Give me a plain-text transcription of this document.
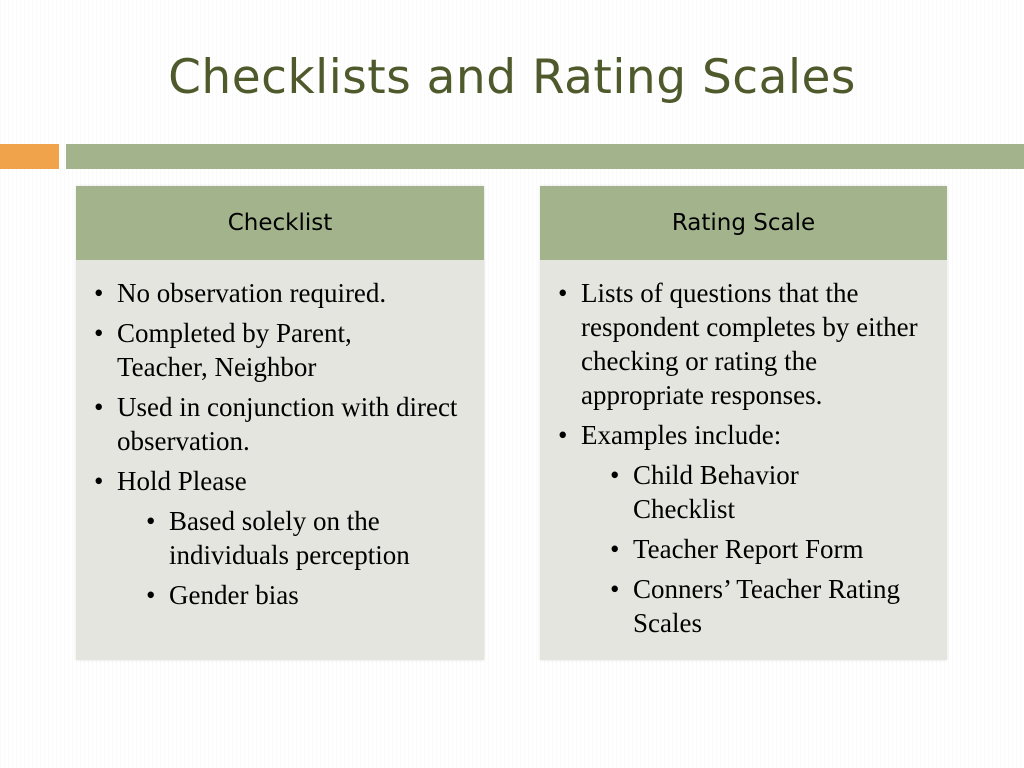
Checklists and Rating Scales
Checklist
• No observation required.
• Completed by Parent, Teacher, Neighbor
• Used in conjunction with direct observation.
• Hold Please
• Based solely on the individuals perception
• Gender bias
Rating Scale
• Lists of questions that the respondent completes by either checking or rating the appropriate responses.
• Examples include:
• Child Behavior Checklist
• Teacher Report Form
• Conners’ Teacher Rating Scales
